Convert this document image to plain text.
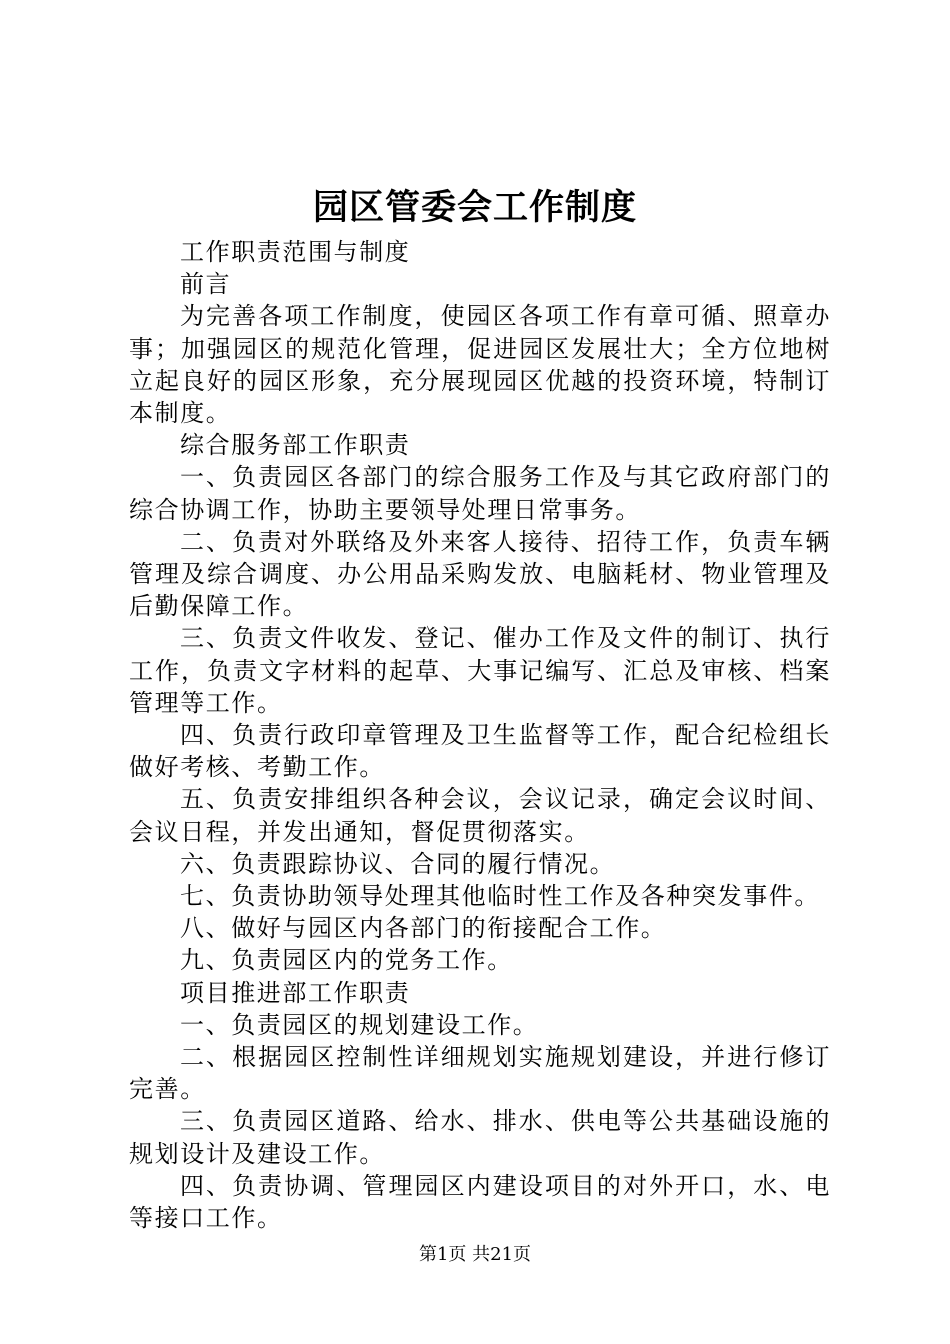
园区管委会工作制度

工作职责范围与制度

前言

为完善各项工作制度，使园区各项工作有章可循、照章办事；加强园区的规范化管理，促进园区发展壮大；全方位地树立起良好的园区形象，充分展现园区优越的投资环境，特制订本制度。

综合服务部工作职责

一、负责园区各部门的综合服务工作及与其它政府部门的综合协调工作，协助主要领导处理日常事务。

二、负责对外联络及外来客人接待、招待工作，负责车辆管理及综合调度、办公用品采购发放、电脑耗材、物业管理及后勤保障工作。

三、负责文件收发、登记、催办工作及文件的制订、执行工作，负责文字材料的起草、大事记编写、汇总及审核、档案管理等工作。

四、负责行政印章管理及卫生监督等工作，配合纪检组长做好考核、考勤工作。

五、负责安排组织各种会议，会议记录，确定会议时间、会议日程，并发出通知，督促贯彻落实。

六、负责跟踪协议、合同的履行情况。

七、负责协助领导处理其他临时性工作及各种突发事件。

八、做好与园区内各部门的衔接配合工作。

九、负责园区内的党务工作。

项目推进部工作职责

一、负责园区的规划建设工作。

二、根据园区控制性详细规划实施规划建设，并进行修订完善。

三、负责园区道路、给水、排水、供电等公共基础设施的规划设计及建设工作。

四、负责协调、管理园区内建设项目的对外开口，水、电等接口工作。

第1页 共21页
